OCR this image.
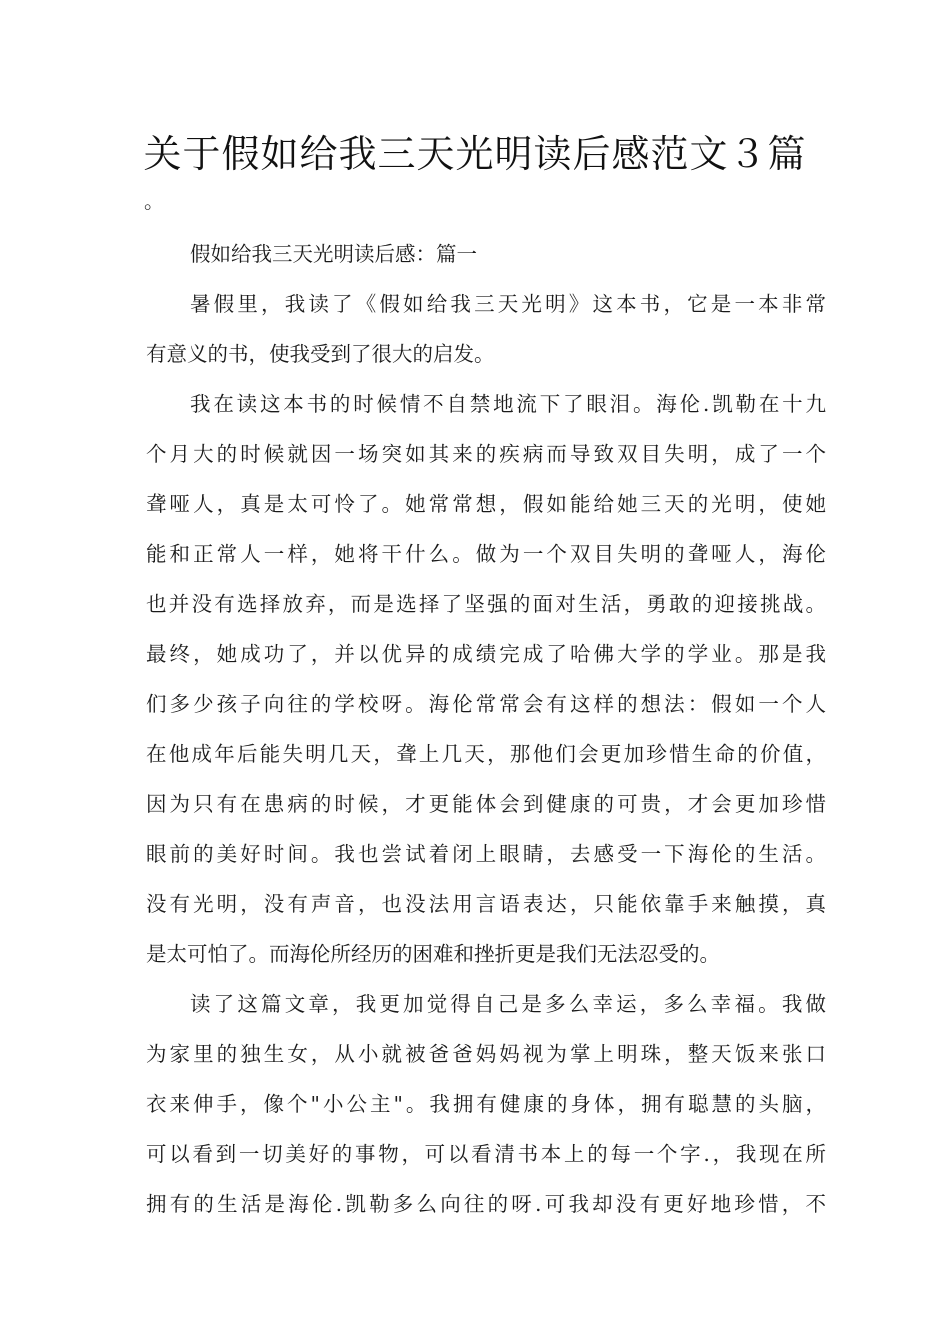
关于假如给我三天光明读后感范文３篇
。
假如给我三天光明读后感：篇一
暑假里，我读了《假如给我三天光明》这本书，它是一本非常
有意义的书，使我受到了很大的启发。
我在读这本书的时候情不自禁地流下了眼泪。海伦.凯勒在十九
个月大的时候就因一场突如其来的疾病而导致双目失明，成了一个
聋哑人，真是太可怜了。她常常想，假如能给她三天的光明，使她
能和正常人一样，她将干什么。做为一个双目失明的聋哑人，海伦
也并没有选择放弃，而是选择了坚强的面对生活，勇敢的迎接挑战。
最终，她成功了，并以优异的成绩完成了哈佛大学的学业。那是我
们多少孩子向往的学校呀。海伦常常会有这样的想法：假如一个人
在他成年后能失明几天，聋上几天，那他们会更加珍惜生命的价值，
因为只有在患病的时候，才更能体会到健康的可贵，才会更加珍惜
眼前的美好时间。我也尝试着闭上眼睛，去感受一下海伦的生活。
没有光明，没有声音，也没法用言语表达，只能依靠手来触摸，真
是太可怕了。而海伦所经历的困难和挫折更是我们无法忍受的。
读了这篇文章，我更加觉得自己是多么幸运，多么幸福。我做
为家里的独生女，从小就被爸爸妈妈视为掌上明珠，整天饭来张口
衣来伸手，像个"小公主"。我拥有健康的身体，拥有聪慧的头脑，
可以看到一切美好的事物，可以看清书本上的每一个字.，我现在所
拥有的生活是海伦.凯勒多么向往的呀.可我却没有更好地珍惜，不
